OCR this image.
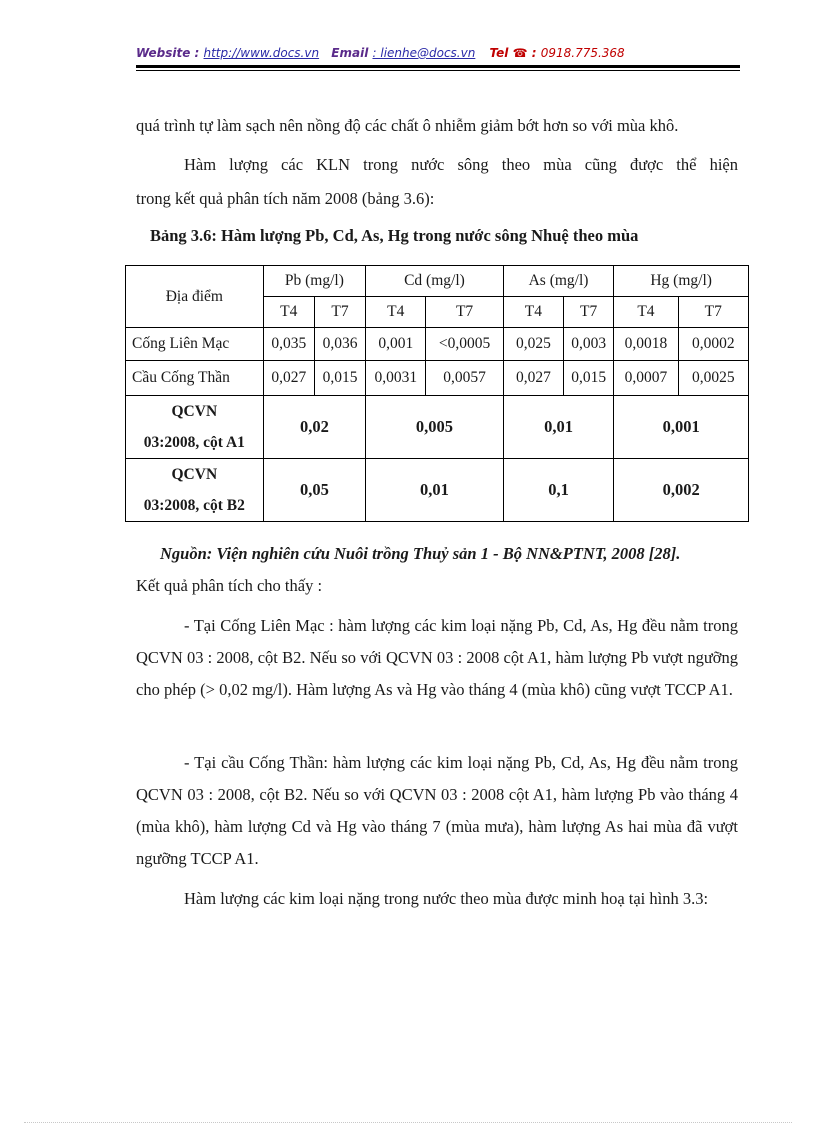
Website : http://www.docs.vn Email : lienhe@docs.vn Tel ☎ : 0918.775.368

quá trình tự làm sạch nên nồng độ các chất ô nhiễm giảm bớt hơn so với mùa khô.

Hàm lượng các KLN trong nước sông theo mùa cũng được thể hiện

trong kết quả phân tích năm 2008 (bảng 3.6):

Bảng 3.6: Hàm lượng Pb, Cd, As, Hg trong nước sông Nhuệ theo mùa
Địa điểm	Pb (mg/l)		Cd (mg/l)		As (mg/l)		Hg (mg/l)	
	T4	T7	T4	T7	T4	T7	T4	T7
Cống Liên Mạc	0,035	0,036	0,001	<0,0005	0,025	0,003	0,0018	0,0002
Cầu Cống Thần	0,027	0,015	0,0031	0,0057	0,027	0,015	0,0007	0,0025
QCVN
03:2008, cột A1	0,02		0,005		0,01		0,001	
QCVN
03:2008, cột B2	0,05		0,01		0,1		0,002	
Nguồn: Viện nghiên cứu Nuôi trồng Thuỷ sản 1 - Bộ NN&PTNT, 2008 [28].

Kết quả phân tích cho thấy :

- Tại Cống Liên Mạc : hàm lượng các kim loại nặng Pb, Cd, As, Hg đều nằm trong QCVN 03 : 2008, cột B2. Nếu so với QCVN 03 : 2008 cột A1, hàm lượng Pb vượt ngưỡng cho phép (> 0,02 mg/l). Hàm lượng As và Hg vào tháng 4 (mùa khô) cũng vượt TCCP A1.

- Tại cầu Cống Thần: hàm lượng các kim loại nặng Pb, Cd, As, Hg đều nằm trong QCVN 03 : 2008, cột B2. Nếu so với QCVN 03 : 2008 cột A1, hàm lượng Pb vào tháng 4 (mùa khô), hàm lượng Cd và Hg vào tháng 7 (mùa mưa), hàm lượng As hai mùa đã vượt ngưỡng TCCP A1.

Hàm lượng các kim loại nặng trong nước theo mùa được minh hoạ tại hình 3.3:
